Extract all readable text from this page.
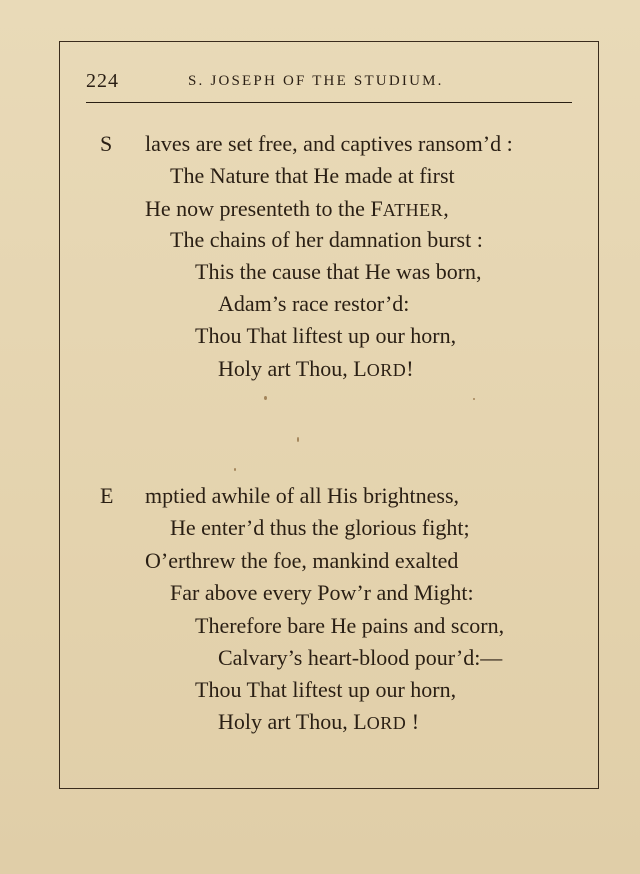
224	S. JOSEPH OF THE STUDIUM.
S laves are set free, and captives ransom’d :
The Nature that He made at first
He now presenteth to the FATHER,
The chains of her damnation burst :
This the cause that He was born,
Adam’s race restor’d:
Thou That liftest up our horn,
Holy art Thou, LORD!
E mptied awhile of all His brightness,
He enter’d thus the glorious fight;
O’erthrew the foe, mankind exalted
Far above every Pow’r and Might:
Therefore bare He pains and scorn,
Calvary’s heart-blood pour’d:—
Thou That liftest up our horn,
Holy art Thou, LORD !
